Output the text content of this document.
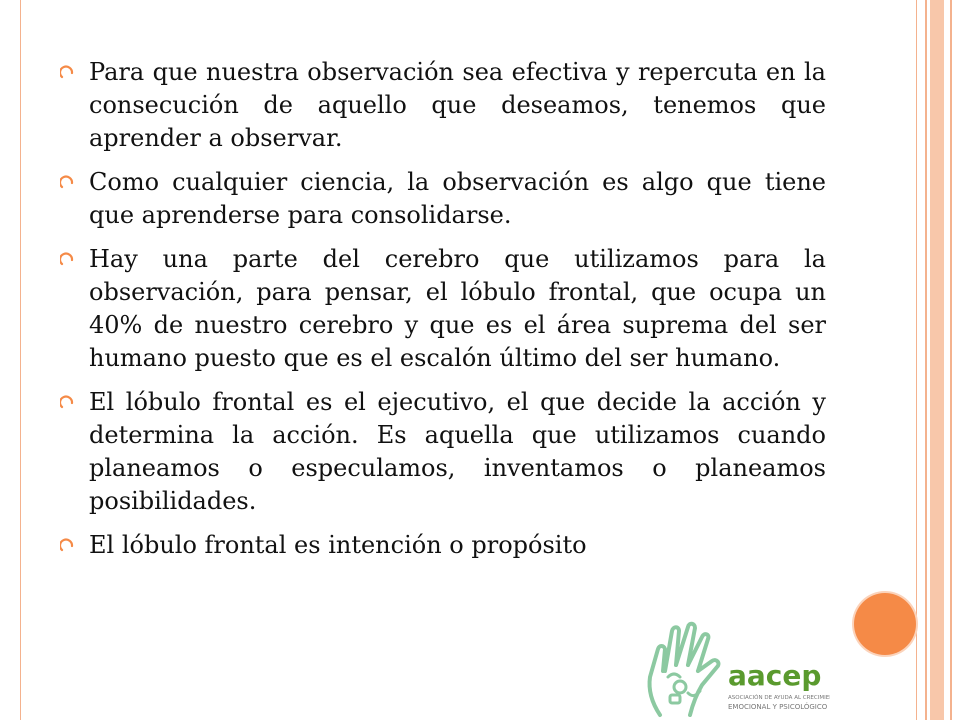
Para que nuestra observación sea efectiva y repercuta en la consecución de aquello que deseamos, tenemos que aprender a observar.
Como cualquier ciencia, la observación es algo que tiene que aprenderse para consolidarse.
Hay una parte del cerebro que utilizamos para la observación, para pensar, el lóbulo frontal, que ocupa un 40% de nuestro cerebro y que es el área suprema del ser humano puesto que es el escalón último del ser humano.
El lóbulo frontal es el ejecutivo, el que decide la acción y determina la acción. Es aquella que utilizamos cuando planeamos o especulamos, inventamos o planeamos posibilidades.
El lóbulo frontal es intención o propósito
aacep
ASOCIACIÓN DE AYUDA AL CRECIMIENTO
EMOCIONAL Y PSICOLÓGICO
